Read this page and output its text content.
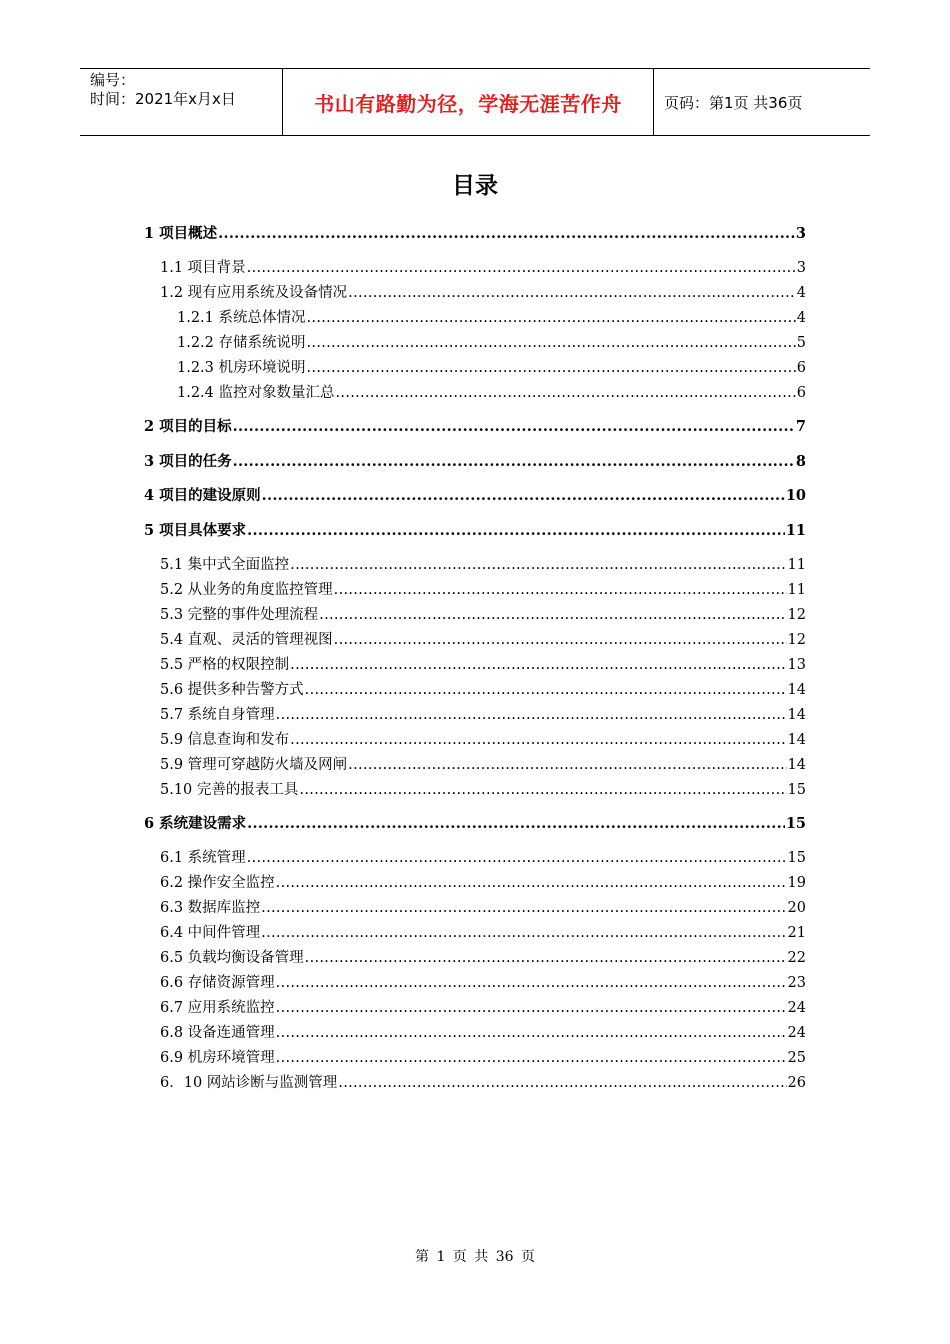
编号：
时间：2021年x月x日	书山有路勤为径，学海无涯苦作舟	页码：第1页 共36页
目录
1 项目概述 .....	3
1.1 项目背景 .....	3
1.2 现有应用系统及设备情况 .....	4
1.2.1 系统总体情况 .....	4
1.2.2 存储系统说明 .....	5
1.2.3 机房环境说明 .....	6
1.2.4 监控对象数量汇总 .....	6
2 项目的目标 .....	7
3 项目的任务 .....	8
4 项目的建设原则 .....	10
5 项目具体要求 .....	11
5.1 集中式全面监控 .....	11
5.2 从业务的角度监控管理 .....	11
5.3 完整的事件处理流程 .....	12
5.4 直观、灵活的管理视图 .....	12
5.5 严格的权限控制 .....	13
5.6 提供多种告警方式 .....	14
5.7 系统自身管理 .....	14
5.9 信息查询和发布 .....	14
5.9 管理可穿越防火墙及网闸 .....	14
5.10 完善的报表工具 .....	15
6 系统建设需求 .....	15
6.1 系统管理 .....	15
6.2 操作安全监控 .....	19
6.3 数据库监控 .....	20
6.4 中间件管理 .....	21
6.5 负载均衡设备管理 .....	22
6.6 存储资源管理 .....	23
6.7 应用系统监控 .....	24
6.8 设备连通管理 .....	24
6.9 机房环境管理 .....	25
6．10 网站诊断与监测管理 .....	26
第 1 页 共 36 页
